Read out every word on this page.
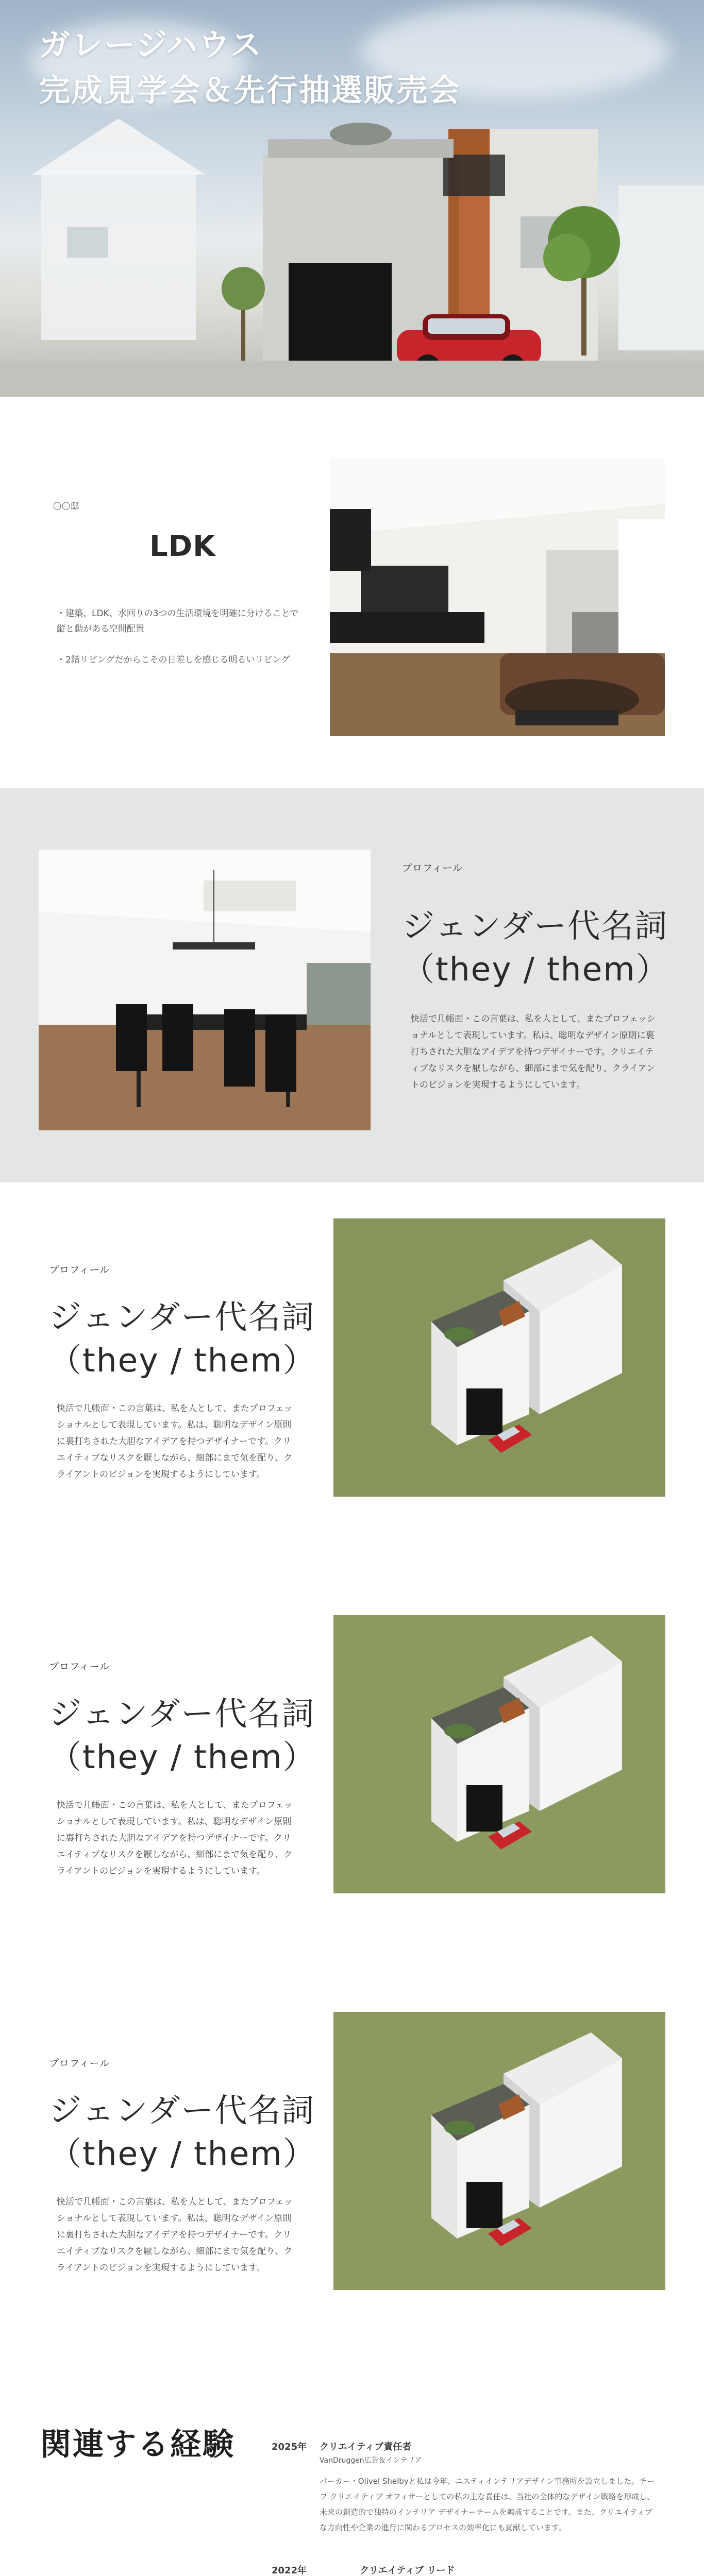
ガレージハウス
完成見学会＆先行抽選販売会
〇〇邸
LDK

・建築、LDK、水回りの3つの生活環境を明確に分けることで縦と動がある空間配置

・2階リビングだからこその日差しを感じる明るいリビング

プロフィール
ジェンダー代名詞
（they / them）

快活で几帳面・この言葉は、私を人として、またプロフェッショナルとして表現しています。私は、聡明なデザイン原則に裏打ちされた大胆なアイデアを持つデザイナーです。クリエイティブなリスクを厭しながら、細部にまで気を配り、クライアントのビジョンを実現するようにしています。

プロフィール
ジェンダー代名詞
（they / them）

快活で几帳面・この言葉は、私を人として、またプロフェッショナルとして表現しています。私は、聡明なデザイン原則に裏打ちされた大胆なアイデアを持つデザイナーです。クリエイティブなリスクを厭しながら、細部にまで気を配り、クライアントのビジョンを実現するようにしています。

プロフィール
ジェンダー代名詞
（they / them）

快活で几帳面・この言葉は、私を人として、またプロフェッショナルとして表現しています。私は、聡明なデザイン原則に裏打ちされた大胆なアイデアを持つデザイナーです。クリエイティブなリスクを厭しながら、細部にまで気を配り、クライアントのビジョンを実現するようにしています。

プロフィール
ジェンダー代名詞
（they / them）

快活で几帳面・この言葉は、私を人として、またプロフェッショナルとして表現しています。私は、聡明なデザイン原則に裏打ちされた大胆なアイデアを持つデザイナーです。クリエイティブなリスクを厭しながら、細部にまで気を配り、クライアントのビジョンを実現するようにしています。

関連する経験	2025年 クリエイティブ責任者
VanDruggen広告＆インテリア

パーカー・Olivel Shelbyと私は今年、ニスティインテリアデザイン事務所を設立しました。チーフ クリエイティブ オフィサーとしての私の主な責任は、当社の全体的なデザイン戦略を形成し、未来の創造的で独特のインテリア デザイナーチームを編成することです。また、クリエイティブな方向性や企業の進行に関わるプロセスの効率化にも貢献しています。

2022年	クリエイティブ リード
